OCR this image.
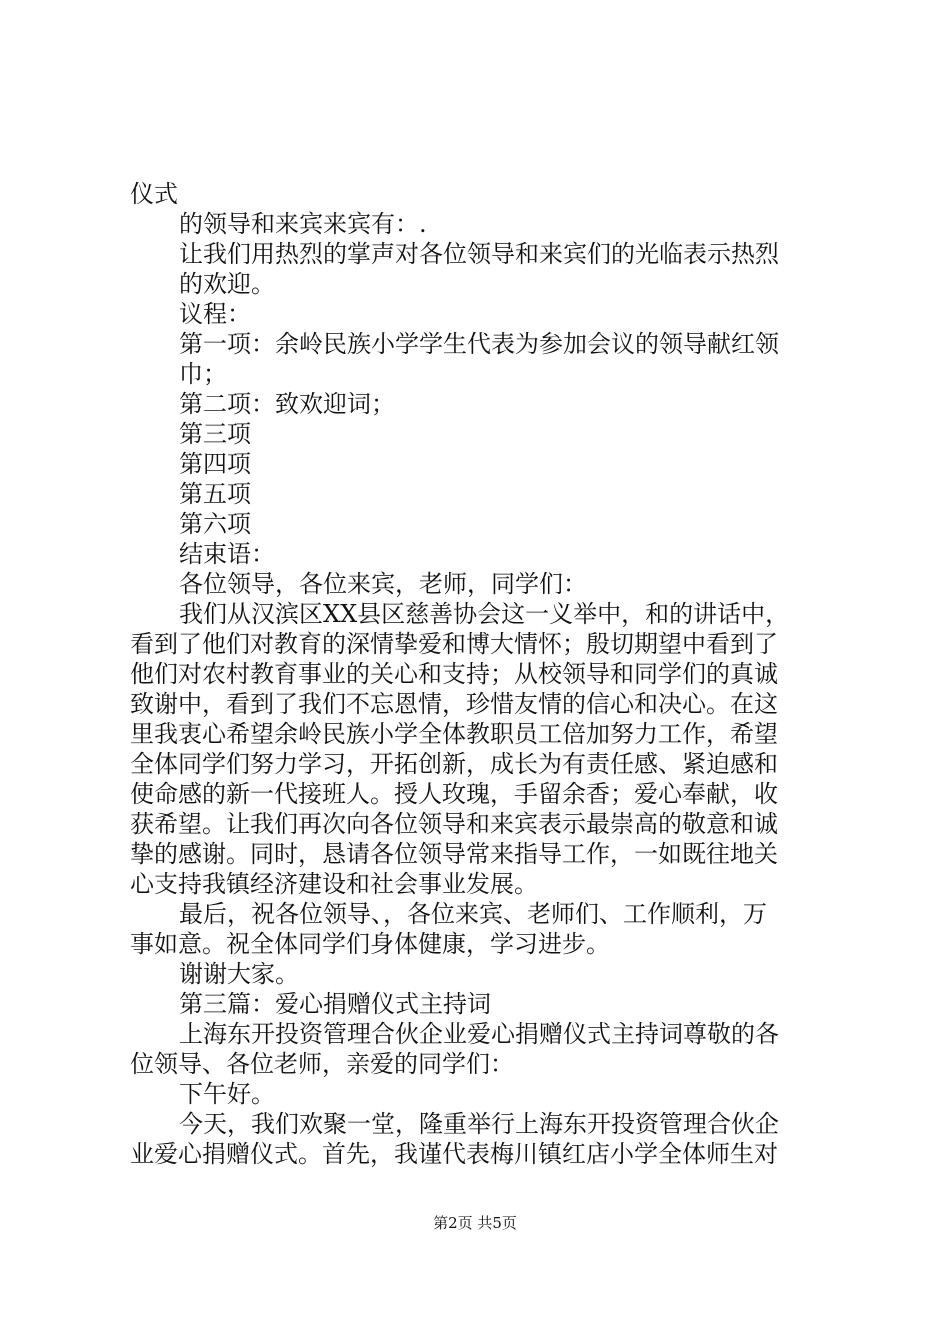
仪式
的领导和来宾来宾有：.
让我们用热烈的掌声对各位领导和来宾们的光临表示热烈
的欢迎。
议程：
第一项：余岭民族小学学生代表为参加会议的领导献红领
巾；
第二项：致欢迎词；
第三项
第四项
第五项
第六项
结束语：
各位领导，各位来宾，老师，同学们：
我们从汉滨区XX县区慈善协会这一义举中，和的讲话中，
看到了他们对教育的深情挚爱和博大情怀；殷切期望中看到了
他们对农村教育事业的关心和支持；从校领导和同学们的真诚
致谢中，看到了我们不忘恩情，珍惜友情的信心和决心。在这
里我衷心希望余岭民族小学全体教职员工倍加努力工作，希望
全体同学们努力学习，开拓创新，成长为有责任感、紧迫感和
使命感的新一代接班人。授人玫瑰，手留余香；爱心奉献，收
获希望。让我们再次向各位领导和来宾表示最崇高的敬意和诚
挚的感谢。同时，恳请各位领导常来指导工作，一如既往地关
心支持我镇经济建设和社会事业发展。
最后，祝各位领导、，各位来宾、老师们、工作顺利，万
事如意。祝全体同学们身体健康，学习进步。
谢谢大家。
第三篇：爱心捐赠仪式主持词
上海东开投资管理合伙企业爱心捐赠仪式主持词尊敬的各
位领导、各位老师，亲爱的同学们：
下午好。
今天，我们欢聚一堂，隆重举行上海东开投资管理合伙企
业爱心捐赠仪式。首先，我谨代表梅川镇红店小学全体师生对
第2页 共5页
